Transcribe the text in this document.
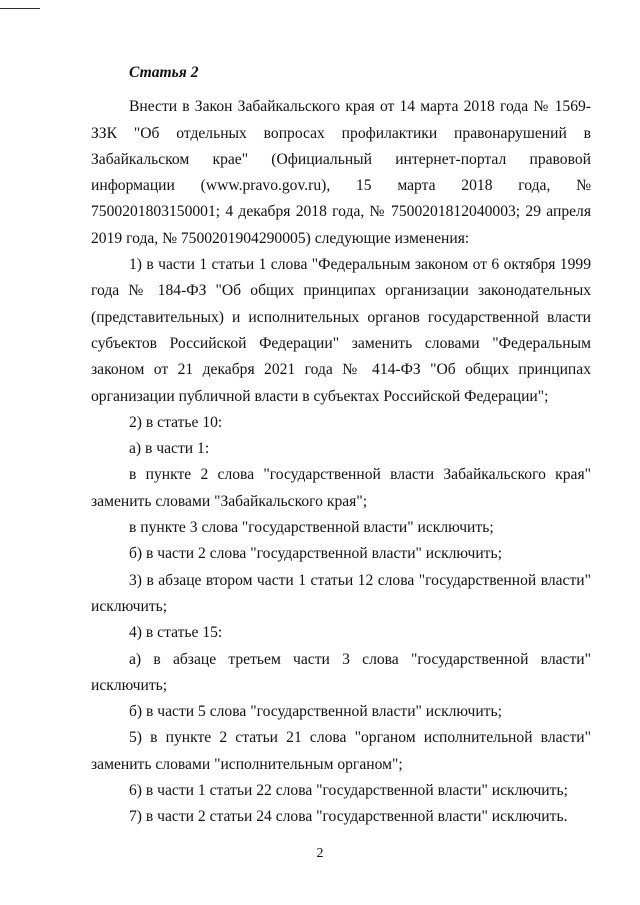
Статья 2

Внести в Закон Забайкальского края от 14 марта 2018 года № 1569-ЗЗК "Об отдельных вопросах профилактики правонарушений в Забайкальском крае" (Официальный интернет-портал правовой информации (www.pravo.gov.ru), 15 марта 2018 года, № 7500201803150001; 4 декабря 2018 года, № 7500201812040003; 29 апреля 2019 года, № 7500201904290005) следующие изменения:

1) в части 1 статьи 1 слова "Федеральным законом от 6 октября 1999 года № 184-ФЗ "Об общих принципах организации законодательных (представительных) и исполнительных органов государственной власти субъектов Российской Федерации" заменить словами "Федеральным законом от 21 декабря 2021 года № 414-ФЗ "Об общих принципах организации публичной власти в субъектах Российской Федерации";

2) в статье 10:

а) в части 1:

в пункте 2 слова "государственной власти Забайкальского края" заменить словами "Забайкальского края";

в пункте 3 слова "государственной власти" исключить;

б) в части 2 слова "государственной власти" исключить;

3) в абзаце втором части 1 статьи 12 слова "государственной власти" исключить;

4) в статье 15:

а) в абзаце третьем части 3 слова "государственной власти" исключить;

б) в части 5 слова "государственной власти" исключить;

5) в пункте 2 статьи 21 слова "органом исполнительной власти" заменить словами "исполнительным органом";

6) в части 1 статьи 22 слова "государственной власти" исключить;

7) в части 2 статьи 24 слова "государственной власти" исключить.

2
